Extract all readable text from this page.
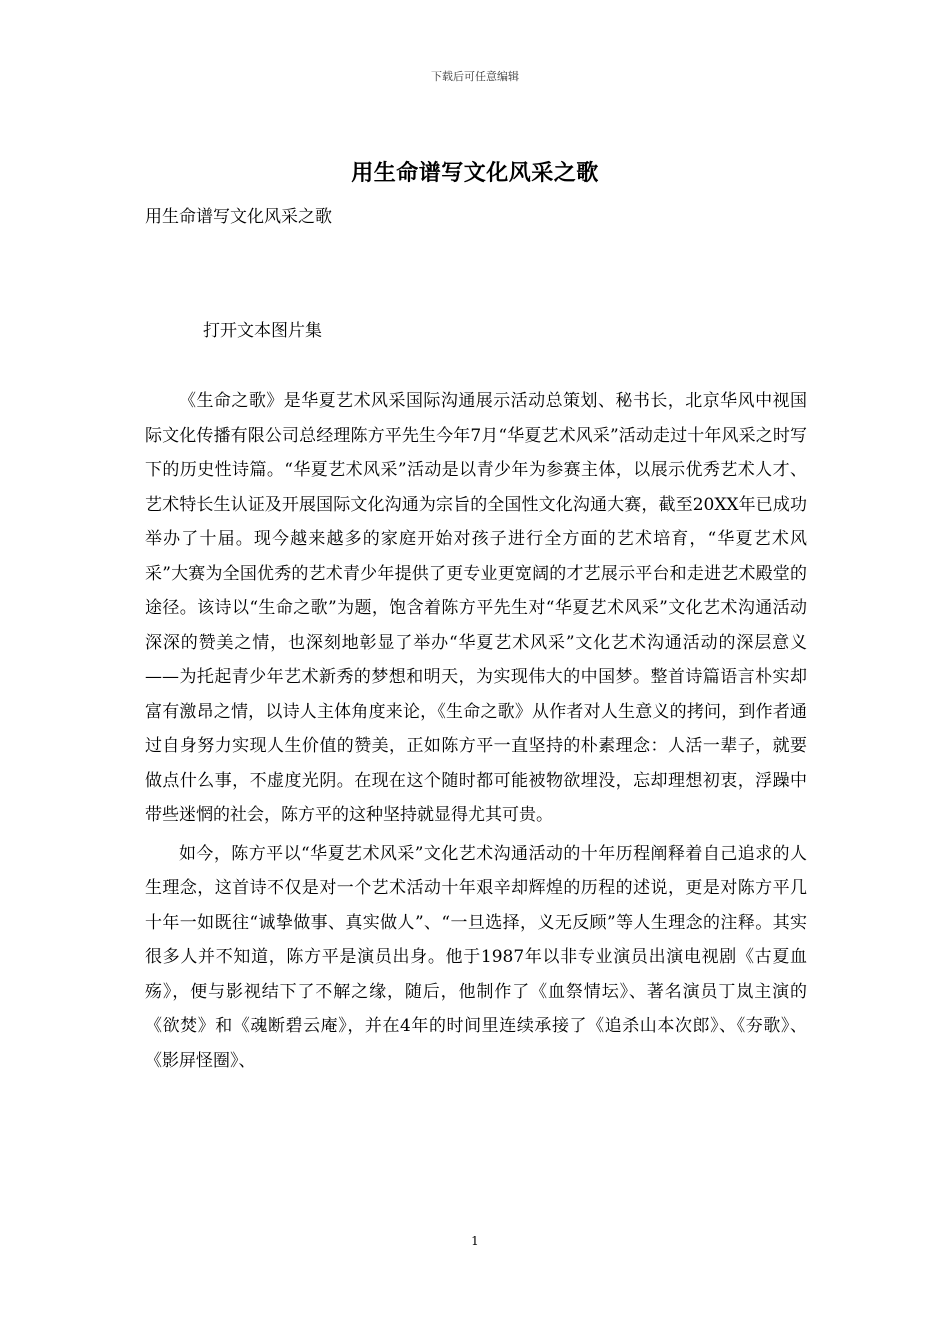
下载后可任意编辑
用生命谱写文化风采之歌
用生命谱写文化风采之歌
打开文本图片集

《生命之歌》是华夏艺术风采国际沟通展示活动总策划、秘书长，北京华风中视国际文化传播有限公司总经理陈方平先生今年7月“华夏艺术风采”活动走过十年风采之时写下的历史性诗篇。“华夏艺术风采”活动是以青少年为参赛主体，以展示优秀艺术人才、艺术特长生认证及开展国际文化沟通为宗旨的全国性文化沟通大赛，截至20XX年已成功举办了十届。现今越来越多的家庭开始对孩子进行全方面的艺术培育，“华夏艺术风采”大赛为全国优秀的艺术青少年提供了更专业更宽阔的才艺展示平台和走进艺术殿堂的途径。该诗以“生命之歌”为题，饱含着陈方平先生对“华夏艺术风采”文化艺术沟通活动深深的赞美之情，也深刻地彰显了举办“华夏艺术风采”文化艺术沟通活动的深层意义——为托起青少年艺术新秀的梦想和明天，为实现伟大的中国梦。整首诗篇语言朴实却富有激昂之情，以诗人主体角度来论，《生命之歌》从作者对人生意义的拷问，到作者通过自身努力实现人生价值的赞美，正如陈方平一直坚持的朴素理念：人活一辈子，就要做点什么事，不虚度光阴。在现在这个随时都可能被物欲埋没，忘却理想初衷，浮躁中带些迷惘的社会，陈方平的这种坚持就显得尤其可贵。

如今，陈方平以“华夏艺术风采”文化艺术沟通活动的十年历程阐释着自己追求的人生理念，这首诗不仅是对一个艺术活动十年艰辛却辉煌的历程的述说，更是对陈方平几十年一如既往“诚挚做事、真实做人”、“一旦选择，义无反顾”等人生理念的注释。其实很多人并不知道，陈方平是演员出身。他于1987年以非专业演员出演电视剧《古夏血殇》，便与影视结下了不解之缘，随后，他制作了《血祭情坛》、著名演员丁岚主演的《欲焚》和《魂断碧云庵》，并在4年的时间里连续承接了《追杀山本次郎》、《夯歌》、《影屏怪圈》、

1
